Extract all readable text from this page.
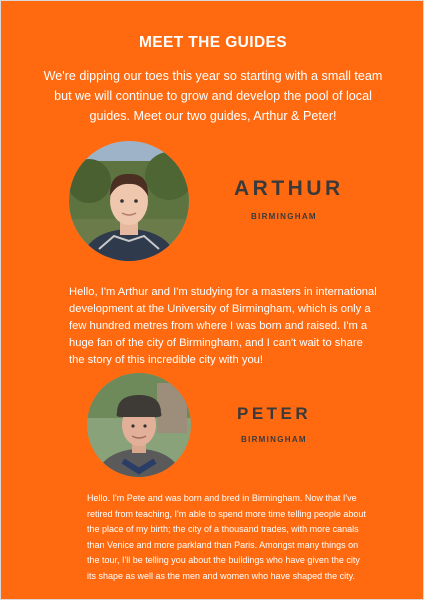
MEET THE GUIDES
We're dipping our toes this year so starting with a small team but we will continue to grow and develop the pool of local guides. Meet our two guides, Arthur & Peter!
ARTHUR
BIRMINGHAM
Hello, I'm Arthur and I'm studying for a masters in international development at the University of Birmingham, which is only a few hundred metres from where I was born and raised. I'm a huge fan of the city of Birmingham, and I can't wait to share the story of this incredible city with you!
PETER
BIRMINGHAM
Hello. I'm Pete and was born and bred in Birmingham. Now that I've retired from teaching, I'm able to spend more time telling people about the place of my birth; the city of a thousand trades, with more canals than Venice and more parkland than Paris. Amongst many things on the tour, I'll be telling you about the buildings who have given the city its shape as well as the men and women who have shaped the city.
